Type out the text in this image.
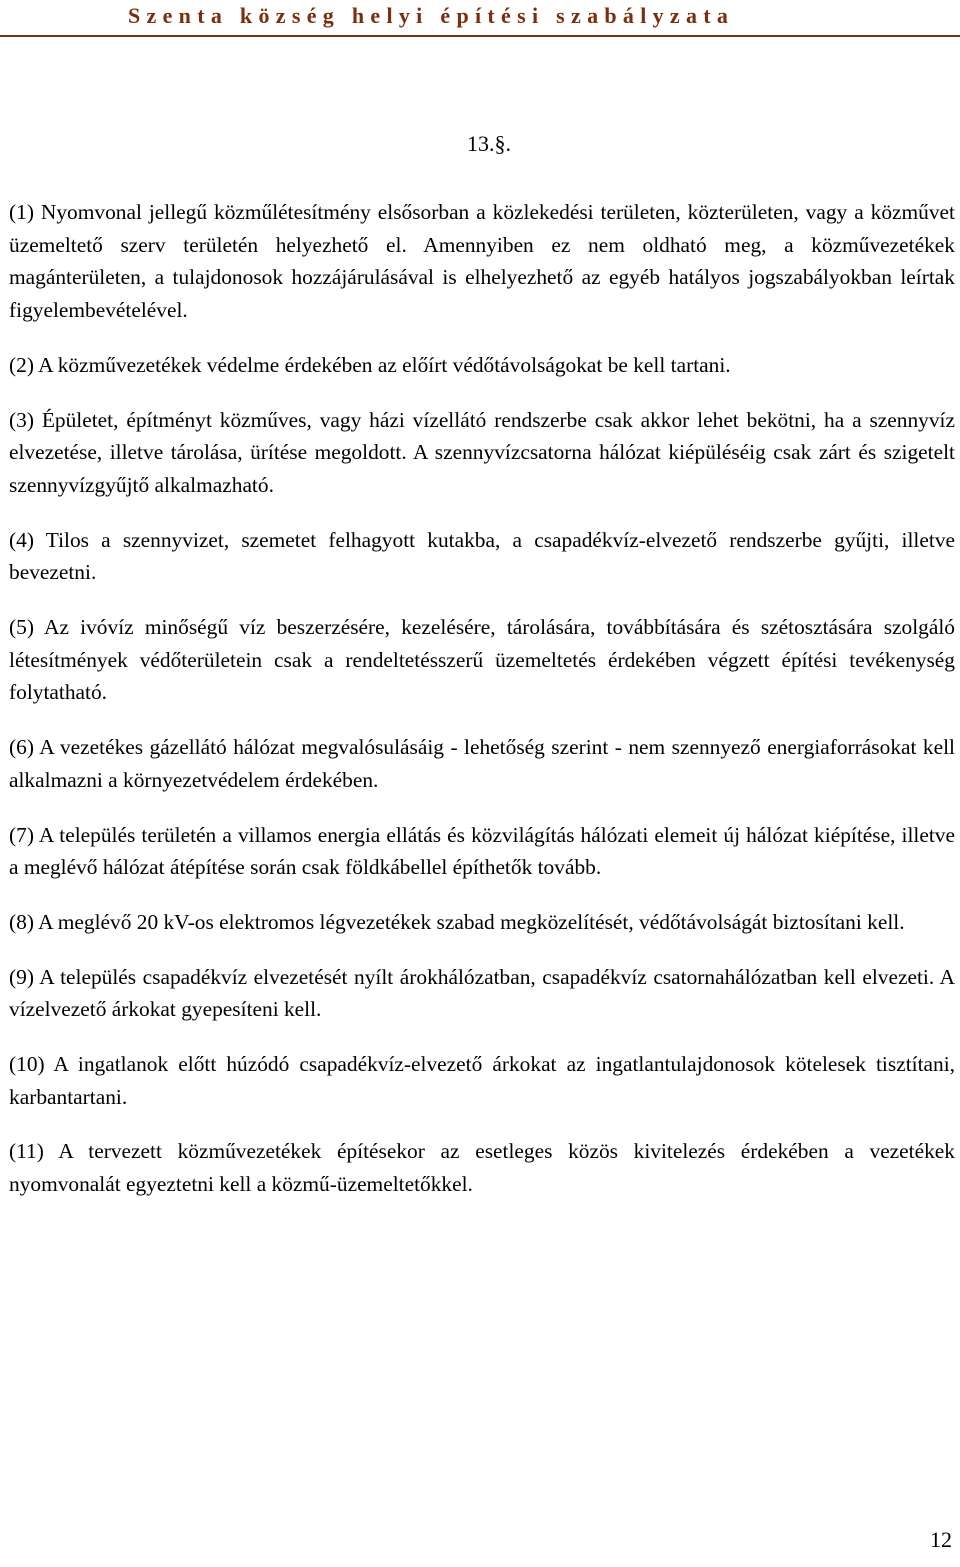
Szenta község helyi építési szabályzata
13.§.

(1) Nyomvonal jellegű közműlétesítmény elsősorban a közlekedési területen, közterületen, vagy a közművet üzemeltető szerv területén helyezhető el. Amennyiben ez nem oldható meg, a közművezetékek magánterületen, a tulajdonosok hozzájárulásával is elhelyezhető az egyéb hatályos jogszabályokban leírtak figyelembevételével.

(2) A közművezetékek védelme érdekében az előírt védőtávolságokat be kell tartani.

(3) Épületet, építményt közműves, vagy házi vízellátó rendszerbe csak akkor lehet bekötni, ha a szennyvíz elvezetése, illetve tárolása, ürítése megoldott. A szennyvízcsatorna hálózat kiépüléséig csak zárt és szigetelt szennyvízgyűjtő alkalmazható.

(4) Tilos a szennyvizet, szemetet felhagyott kutakba, a csapadékvíz-elvezető rendszerbe gyűjti, illetve bevezetni.

(5) Az ivóvíz minőségű víz beszerzésére, kezelésére, tárolására, továbbítására és szétosztására szolgáló létesítmények védőterületein csak a rendeltetésszerű üzemeltetés érdekében végzett építési tevékenység folytatható.

(6) A vezetékes gázellátó hálózat megvalósulásáig - lehetőség szerint - nem szennyező energiaforrásokat kell alkalmazni a környezetvédelem érdekében.

(7) A település területén a villamos energia ellátás és közvilágítás hálózati elemeit új hálózat kiépítése, illetve a meglévő hálózat átépítése során csak földkábellel építhetők tovább.

(8) A meglévő 20 kV-os elektromos légvezetékek szabad megközelítését, védőtávolságát biztosítani kell.

(9) A település csapadékvíz elvezetését nyílt árokhálózatban, csapadékvíz csatornahálózatban kell elvezeti. A vízelvezető árkokat gyepesíteni kell.

(10) A ingatlanok előtt húzódó csapadékvíz-elvezető árkokat az ingatlantulajdonosok kötelesek tisztítani, karbantartani.

(11) A tervezett közművezetékek építésekor az esetleges közös kivitelezés érdekében a vezetékek nyomvonalát egyeztetni kell a közmű-üzemeltetőkkel.

12
